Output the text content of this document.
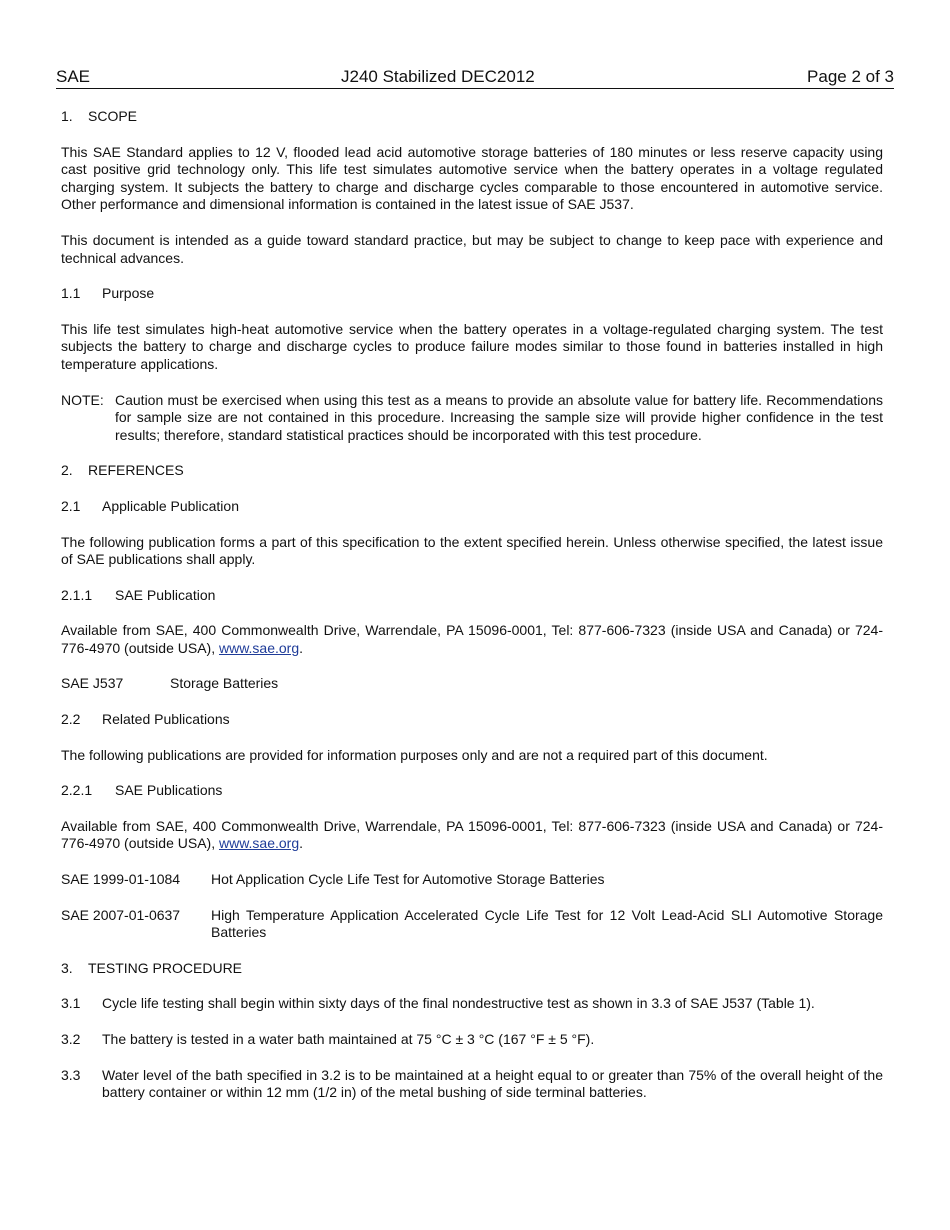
SAE	J240 Stabilized DEC2012	Page 2 of 3

1. SCOPE

This SAE Standard applies to 12 V, flooded lead acid automotive storage batteries of 180 minutes or less reserve capacity using cast positive grid technology only. This life test simulates automotive service when the battery operates in a voltage regulated charging system. It subjects the battery to charge and discharge cycles comparable to those encountered in automotive service. Other performance and dimensional information is contained in the latest issue of SAE J537.

This document is intended as a guide toward standard practice, but may be subject to change to keep pace with experience and technical advances.

1.1 Purpose

This life test simulates high-heat automotive service when the battery operates in a voltage-regulated charging system. The test subjects the battery to charge and discharge cycles to produce failure modes similar to those found in batteries installed in high temperature applications.

NOTE: Caution must be exercised when using this test as a means to provide an absolute value for battery life. Recommendations for sample size are not contained in this procedure. Increasing the sample size will provide higher confidence in the test results; therefore, standard statistical practices should be incorporated with this test procedure.

2. REFERENCES

2.1 Applicable Publication

The following publication forms a part of this specification to the extent specified herein. Unless otherwise specified, the latest issue of SAE publications shall apply.

2.1.1 SAE Publication

Available from SAE, 400 Commonwealth Drive, Warrendale, PA 15096-0001, Tel: 877-606-7323 (inside USA and Canada) or 724-776-4970 (outside USA), www.sae.org.

SAE J537	Storage Batteries

2.2 Related Publications

The following publications are provided for information purposes only and are not a required part of this document.

2.2.1 SAE Publications

Available from SAE, 400 Commonwealth Drive, Warrendale, PA 15096-0001, Tel: 877-606-7323 (inside USA and Canada) or 724-776-4970 (outside USA), www.sae.org.

SAE 1999-01-1084	Hot Application Cycle Life Test for Automotive Storage Batteries
SAE 2007-01-0637	High Temperature Application Accelerated Cycle Life Test for 12 Volt Lead-Acid SLI Automotive Storage Batteries

3. TESTING PROCEDURE

3.1	Cycle life testing shall begin within sixty days of the final nondestructive test as shown in 3.3 of SAE J537 (Table 1).
3.2	The battery is tested in a water bath maintained at 75 °C ± 3 °C (167 °F ± 5 °F).
3.3	Water level of the bath specified in 3.2 is to be maintained at a height equal to or greater than 75% of the overall height of the battery container or within 12 mm (1/2 in) of the metal bushing of side terminal batteries.
